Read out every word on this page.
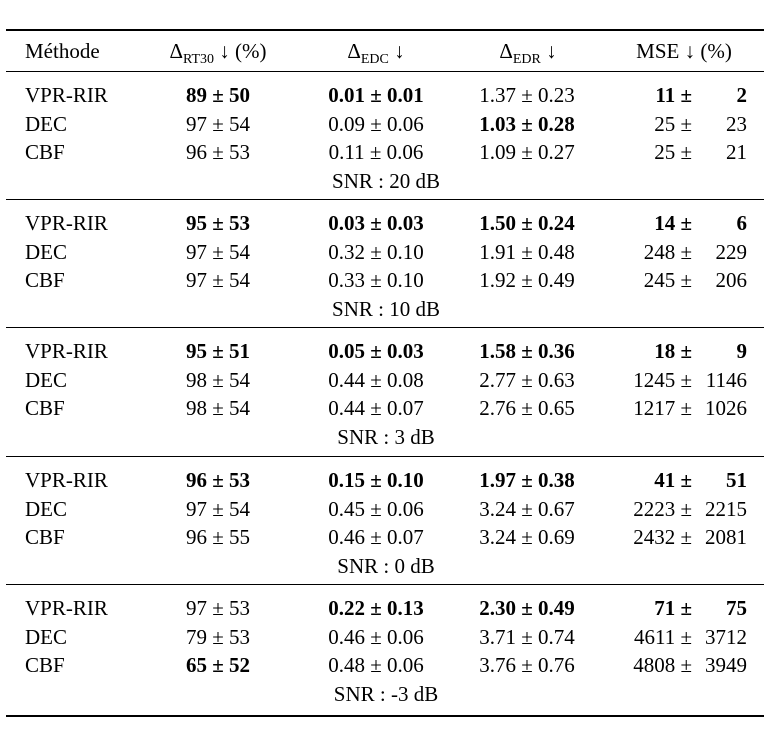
Méthode	$\Delta_{RT30}$ ↓ (%)	$\Delta_{EDC}$ ↓	$\Delta_{EDR}$ ↓	MSE ↓ (%)
VPR-RIR	89 ± 50	0.01 ± 0.01	1.37 ± 0.23	11 ± 2
DEC	97 ± 54	0.09 ± 0.06	1.03 ± 0.28	25 ± 23
CBF	96 ± 53	0.11 ± 0.06	1.09 ± 0.27	25 ± 21
SNR : 20 dB
VPR-RIR	95 ± 53	0.03 ± 0.03	1.50 ± 0.24	14 ± 6
DEC	97 ± 54	0.32 ± 0.10	1.91 ± 0.48	248 ± 229
CBF	97 ± 54	0.33 ± 0.10	1.92 ± 0.49	245 ± 206
SNR : 10 dB
VPR-RIR	95 ± 51	0.05 ± 0.03	1.58 ± 0.36	18 ± 9
DEC	98 ± 54	0.44 ± 0.08	2.77 ± 0.63	1245 ± 1146
CBF	98 ± 54	0.44 ± 0.07	2.76 ± 0.65	1217 ± 1026
SNR : 3 dB
VPR-RIR	96 ± 53	0.15 ± 0.10	1.97 ± 0.38	41 ± 51
DEC	97 ± 54	0.45 ± 0.06	3.24 ± 0.67	2223 ± 2215
CBF	96 ± 55	0.46 ± 0.07	3.24 ± 0.69	2432 ± 2081
SNR : 0 dB
VPR-RIR	97 ± 53	0.22 ± 0.13	2.30 ± 0.49	71 ± 75
DEC	79 ± 53	0.46 ± 0.06	3.71 ± 0.74	4611 ± 3712
CBF	65 ± 52	0.48 ± 0.06	3.76 ± 0.76	4808 ± 3949
SNR : -3 dB
